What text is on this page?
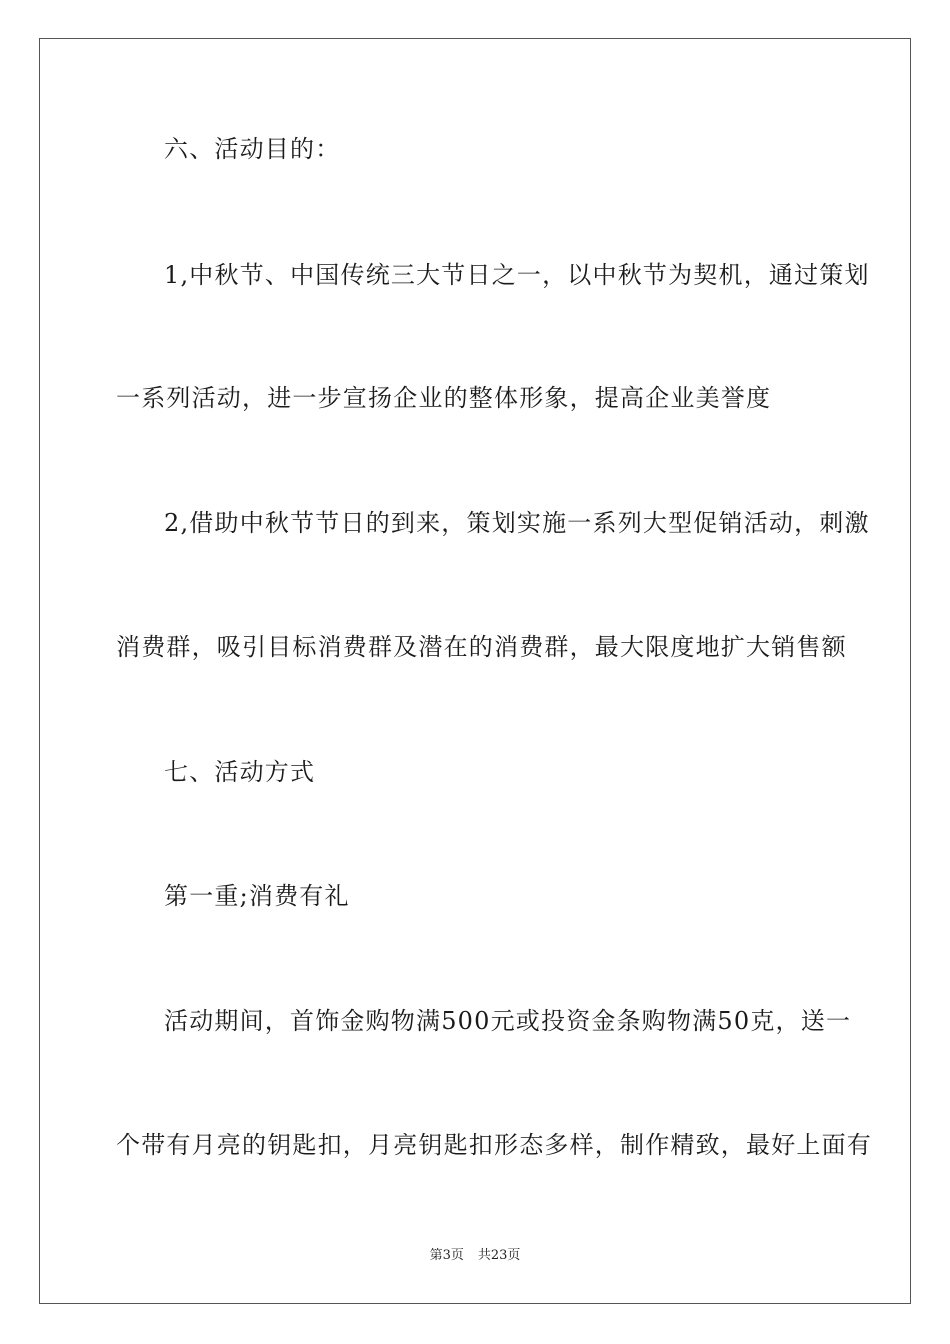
六、活动目的：
1,中秋节、中国传统三大节日之一，以中秋节为契机，通过策划
一系列活动，进一步宣扬企业的整体形象，提高企业美誉度
2,借助中秋节节日的到来，策划实施一系列大型促销活动，刺激
消费群，吸引目标消费群及潜在的消费群，最大限度地扩大销售额
七、活动方式
第一重;消费有礼
活动期间，首饰金购物满500元或投资金条购物满50克，送一
个带有月亮的钥匙扣，月亮钥匙扣形态多样，制作精致，最好上面有
第3页 共23页
